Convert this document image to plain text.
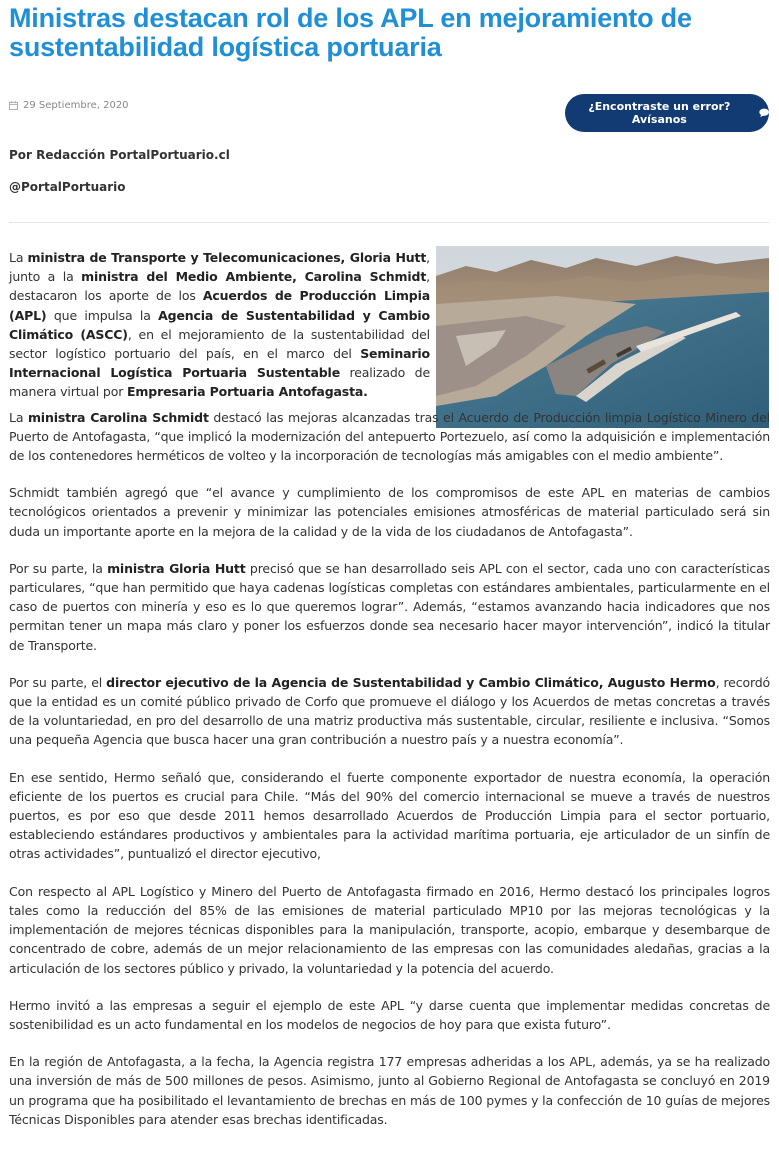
Ministras destacan rol de los APL en mejoramiento de sustentabilidad logística portuaria
29 Septiembre, 2020	¿Encontraste un error? Avísanos
Por Redacción PortalPortuario.cl
@PortalPortuario

La ministra de Transporte y Telecomunicaciones, Gloria Hutt, junto a la ministra del Medio Ambiente, Carolina Schmidt, destacaron los aporte de los Acuerdos de Producción Limpia (APL) que impulsa la Agencia de Sustentabilidad y Cambio Climático (ASCC), en el mejoramiento de la sustentabilidad del sector logístico portuario del país, en el marco del Seminario Internacional Logística Portuaria Sustentable realizado de manera virtual por Empresaria Portuaria Antofagasta.

La ministra Carolina Schmidt destacó las mejoras alcanzadas tras el Acuerdo de Producción limpia Logístico Minero del Puerto de Antofagasta, “que implicó la modernización del antepuerto Portezuelo, así como la adquisición e implementación de los contenedores herméticos de volteo y la incorporación de tecnologías más amigables con el medio ambiente”.

Schmidt también agregó que “el avance y cumplimiento de los compromisos de este APL en materias de cambios tecnológicos orientados a prevenir y minimizar las potenciales emisiones atmosféricas de material particulado será sin duda un importante aporte en la mejora de la calidad y de la vida de los ciudadanos de Antofagasta”.

Por su parte, la ministra Gloria Hutt precisó que se han desarrollado seis APL con el sector, cada uno con características particulares, “que han permitido que haya cadenas logísticas completas con estándares ambientales, particularmente en el caso de puertos con minería y eso es lo que queremos lograr”. Además, “estamos avanzando hacia indicadores que nos permitan tener un mapa más claro y poner los esfuerzos donde sea necesario hacer mayor intervención”, indicó la titular de Transporte.

Por su parte, el director ejecutivo de la Agencia de Sustentabilidad y Cambio Climático, Augusto Hermo, recordó que la entidad es un comité público privado de Corfo que promueve el diálogo y los Acuerdos de metas concretas a través de la voluntariedad, en pro del desarrollo de una matriz productiva más sustentable, circular, resiliente e inclusiva. “Somos una pequeña Agencia que busca hacer una gran contribución a nuestro país y a nuestra economía”.

En ese sentido, Hermo señaló que, considerando el fuerte componente exportador de nuestra economía, la operación eficiente de los puertos es crucial para Chile. “Más del 90% del comercio internacional se mueve a través de nuestros puertos, es por eso que desde 2011 hemos desarrollado Acuerdos de Producción Limpia para el sector portuario, estableciendo estándares productivos y ambientales para la actividad marítima portuaria, eje articulador de un sinfín de otras actividades”, puntualizó el director ejecutivo,

Con respecto al APL Logístico y Minero del Puerto de Antofagasta firmado en 2016, Hermo destacó los principales logros tales como la reducción del 85% de las emisiones de material particulado MP10 por las mejoras tecnológicas y la implementación de mejores técnicas disponibles para la manipulación, transporte, acopio, embarque y desembarque de concentrado de cobre, además de un mejor relacionamiento de las empresas con las comunidades aledañas, gracias a la articulación de los sectores público y privado, la voluntariedad y la potencia del acuerdo.

Hermo invitó a las empresas a seguir el ejemplo de este APL “y darse cuenta que implementar medidas concretas de sostenibilidad es un acto fundamental en los modelos de negocios de hoy para que exista futuro”.

En la región de Antofagasta, a la fecha, la Agencia registra 177 empresas adheridas a los APL, además, ya se ha realizado una inversión de más de 500 millones de pesos. Asimismo, junto al Gobierno Regional de Antofagasta se concluyó en 2019 un programa que ha posibilitado el levantamiento de brechas en más de 100 pymes y la confección de 10 guías de mejores Técnicas Disponibles para atender esas brechas identificadas.
